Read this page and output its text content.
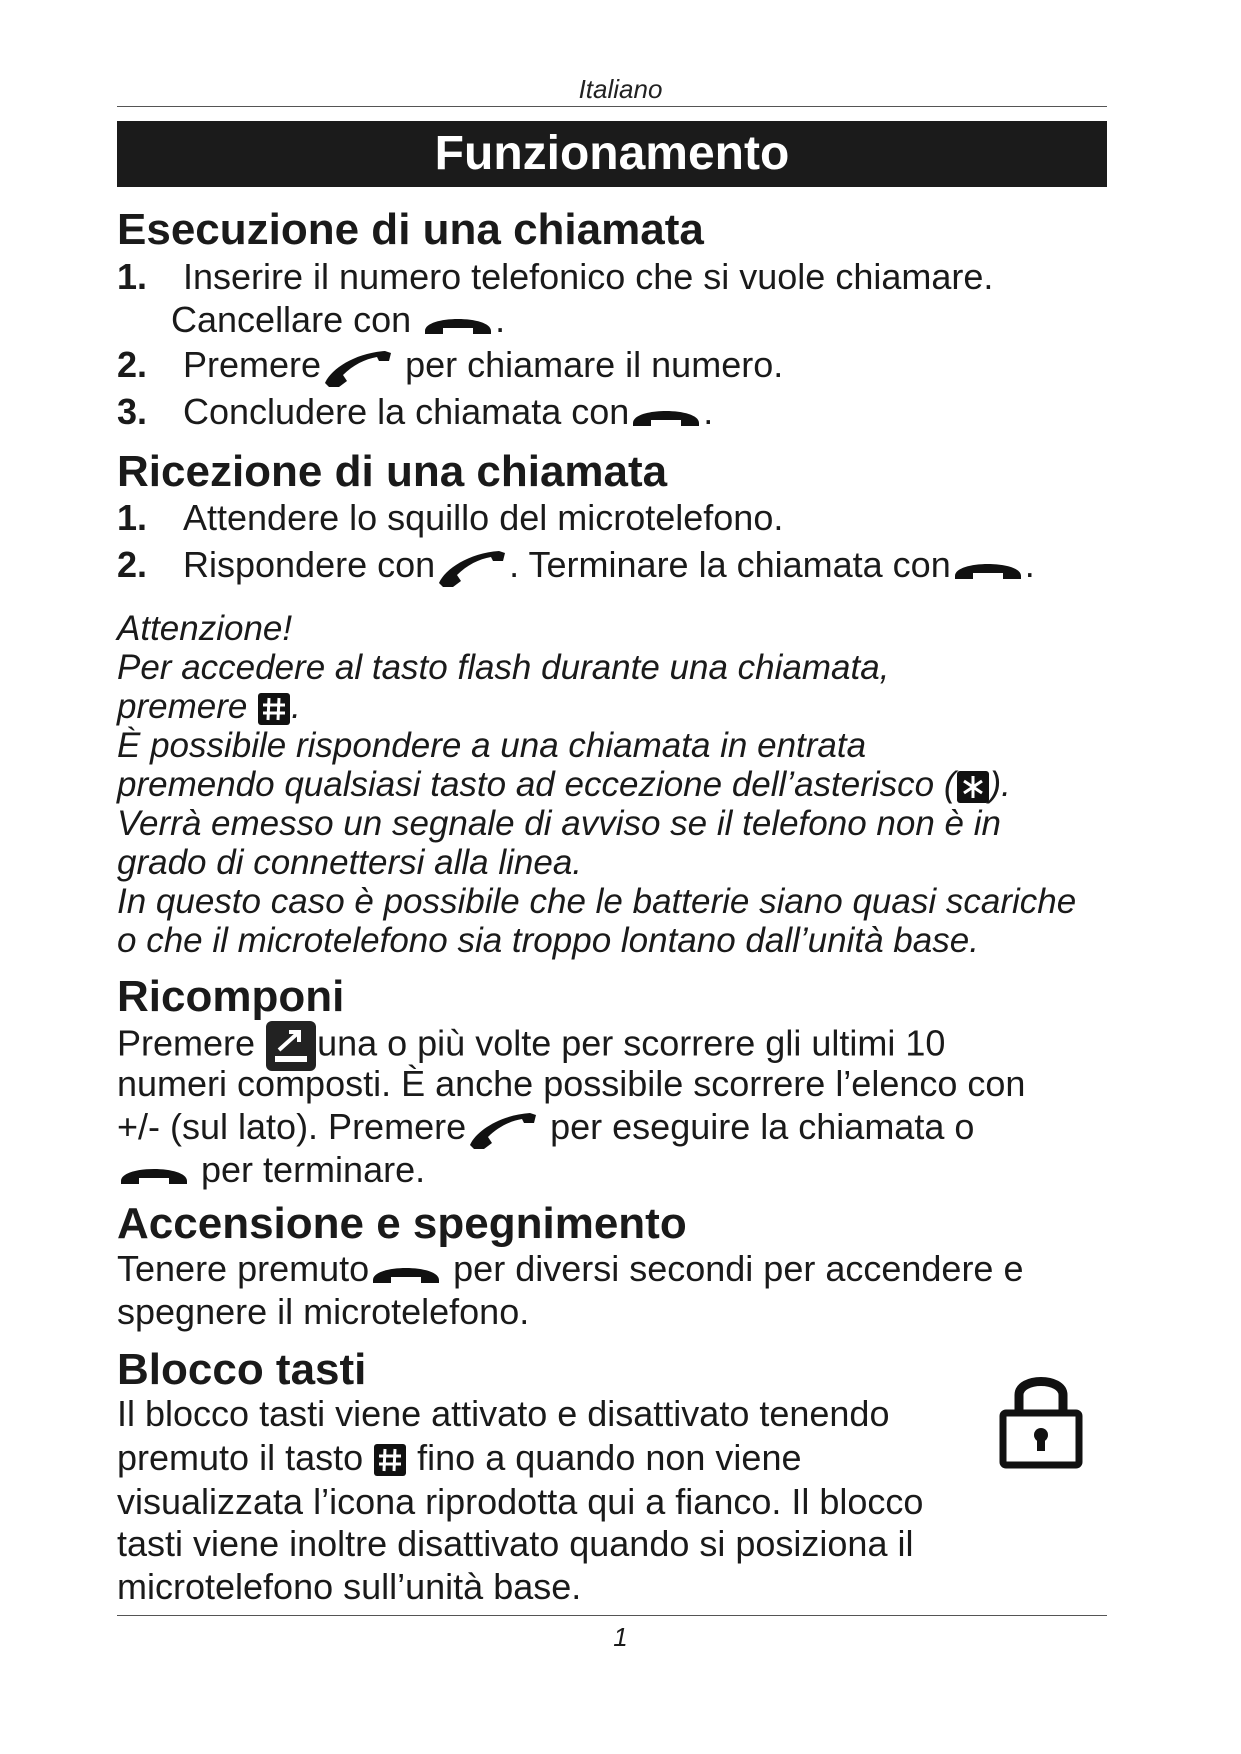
Italiano
Funzionamento
Esecuzione di una chiamata
1. Inserire il numero telefonico che si vuole chiamare.
Cancellare con .
2. Premere per chiamare il numero.
3. Concludere la chiamata con .
Ricezione di una chiamata
1. Attendere lo squillo del microtelefono.
2. Rispondere con . Terminare la chiamata con .
Attenzione!
Per accedere al tasto flash durante una chiamata,
premere .
È possibile rispondere a una chiamata in entrata
premendo qualsiasi tasto ad eccezione dell’asterisco ( ).
Verrà emesso un segnale di avviso se il telefono non è in
grado di connettersi alla linea.
In questo caso è possibile che le batterie siano quasi scariche
o che il microtelefono sia troppo lontano dall’unità base.
Ricomponi
Premere una o più volte per scorrere gli ultimi 10
numeri composti. È anche possibile scorrere l’elenco con
+/- (sul lato). Premere per eseguire la chiamata o
per terminare.
Accensione e spegnimento
Tenere premuto per diversi secondi per accendere e
spegnere il microtelefono.
Blocco tasti
Il blocco tasti viene attivato e disattivato tenendo
premuto il tasto fino a quando non viene
visualizzata l’icona riprodotta qui a fianco. Il blocco
tasti viene inoltre disattivato quando si posiziona il
microtelefono sull’unità base.
1
